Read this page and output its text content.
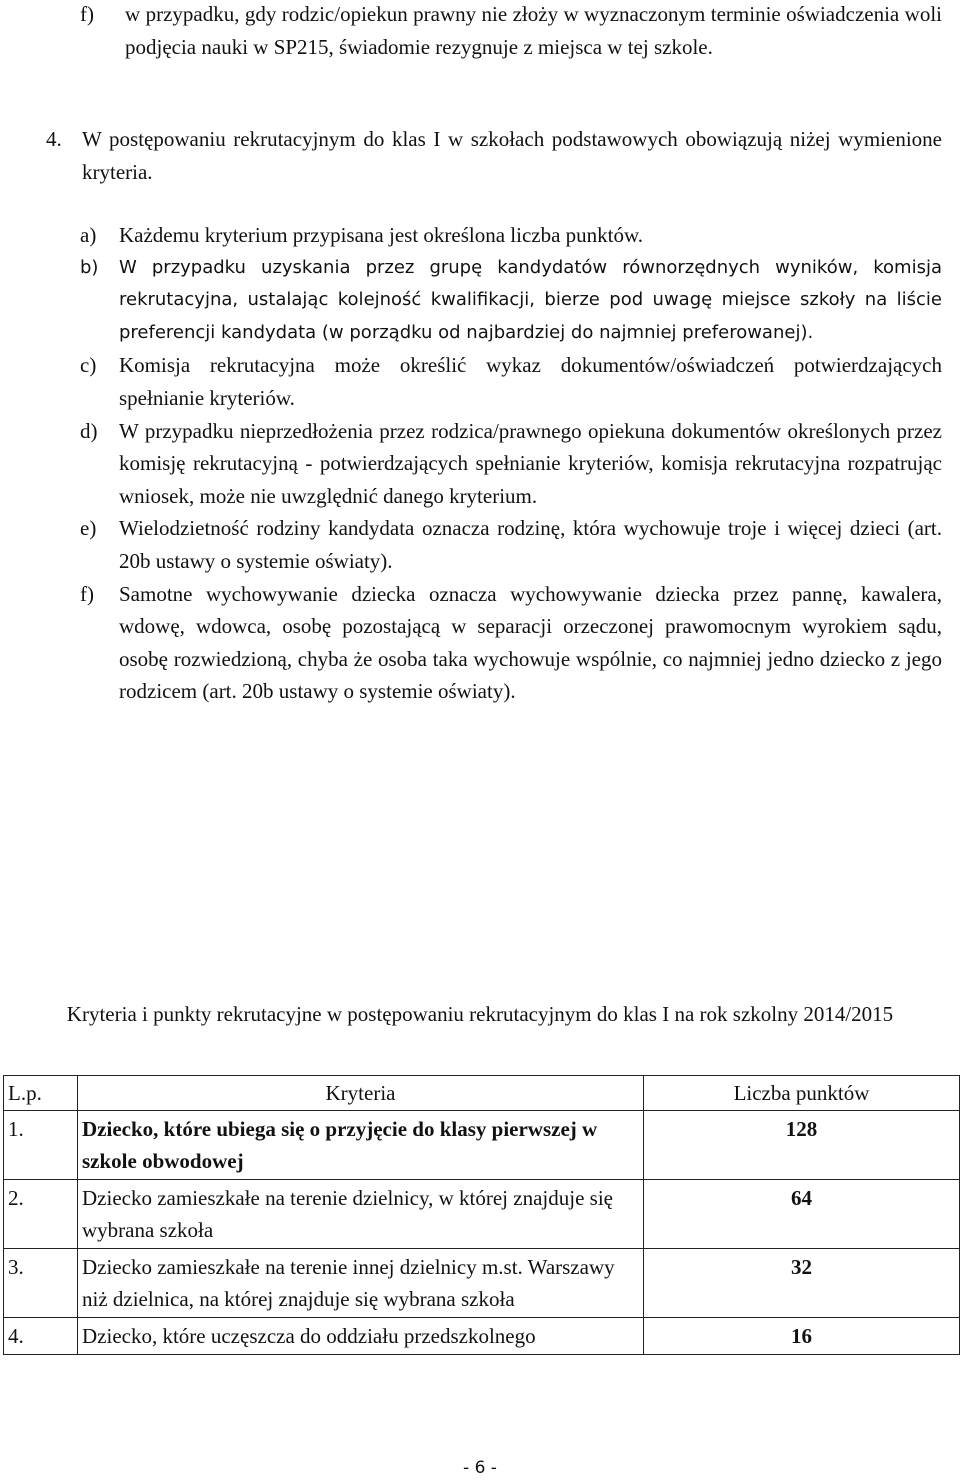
f)	w przypadku, gdy rodzic/opiekun prawny nie złoży w wyznaczonym terminie oświadczenia woli podjęcia nauki w SP215, świadomie rezygnuje z miejsca w tej szkole.
4. W postępowaniu rekrutacyjnym do klas I w szkołach podstawowych obowiązują niżej wymienione kryteria.
a)	Każdemu kryterium przypisana jest określona liczba punktów.
b)	W przypadku uzyskania przez grupę kandydatów równorzędnych wyników, komisja rekrutacyjna, ustalając kolejność kwalifikacji, bierze pod uwagę miejsce szkoły na liście preferencji kandydata (w porządku od najbardziej do najmniej preferowanej).
c)	Komisja rekrutacyjna może określić wykaz dokumentów/oświadczeń potwierdzających spełnianie kryteriów.
d)	W przypadku nieprzedłożenia przez rodzica/prawnego opiekuna dokumentów określonych przez komisję rekrutacyjną - potwierdzających spełnianie kryteriów, komisja rekrutacyjna rozpatrując wniosek, może nie uwzględnić danego kryterium.
e)	Wielodzietność rodziny kandydata oznacza rodzinę, która wychowuje troje i więcej dzieci (art. 20b ustawy o systemie oświaty).
f)	Samotne wychowywanie dziecka oznacza wychowywanie dziecka przez pannę, kawalera, wdowę, wdowca, osobę pozostającą w separacji orzeczonej prawomocnym wyrokiem sądu, osobę rozwiedzioną, chyba że osoba taka wychowuje wspólnie, co najmniej jedno dziecko z jego rodzicem (art. 20b ustawy o systemie oświaty).
Kryteria i punkty rekrutacyjne w postępowaniu rekrutacyjnym do klas I na rok szkolny 2014/2015
L.p.	Kryteria	Liczba punktów
1.	Dziecko, które ubiega się o przyjęcie do klasy pierwszej w szkole obwodowej	128
2.	Dziecko zamieszkałe na terenie dzielnicy, w której znajduje się wybrana szkoła	64
3.	Dziecko zamieszkałe na terenie innej dzielnicy m.st. Warszawy niż dzielnica, na której znajduje się wybrana szkoła	32
4.	Dziecko, które uczęszcza do oddziału przedszkolnego	16
- 6 -
